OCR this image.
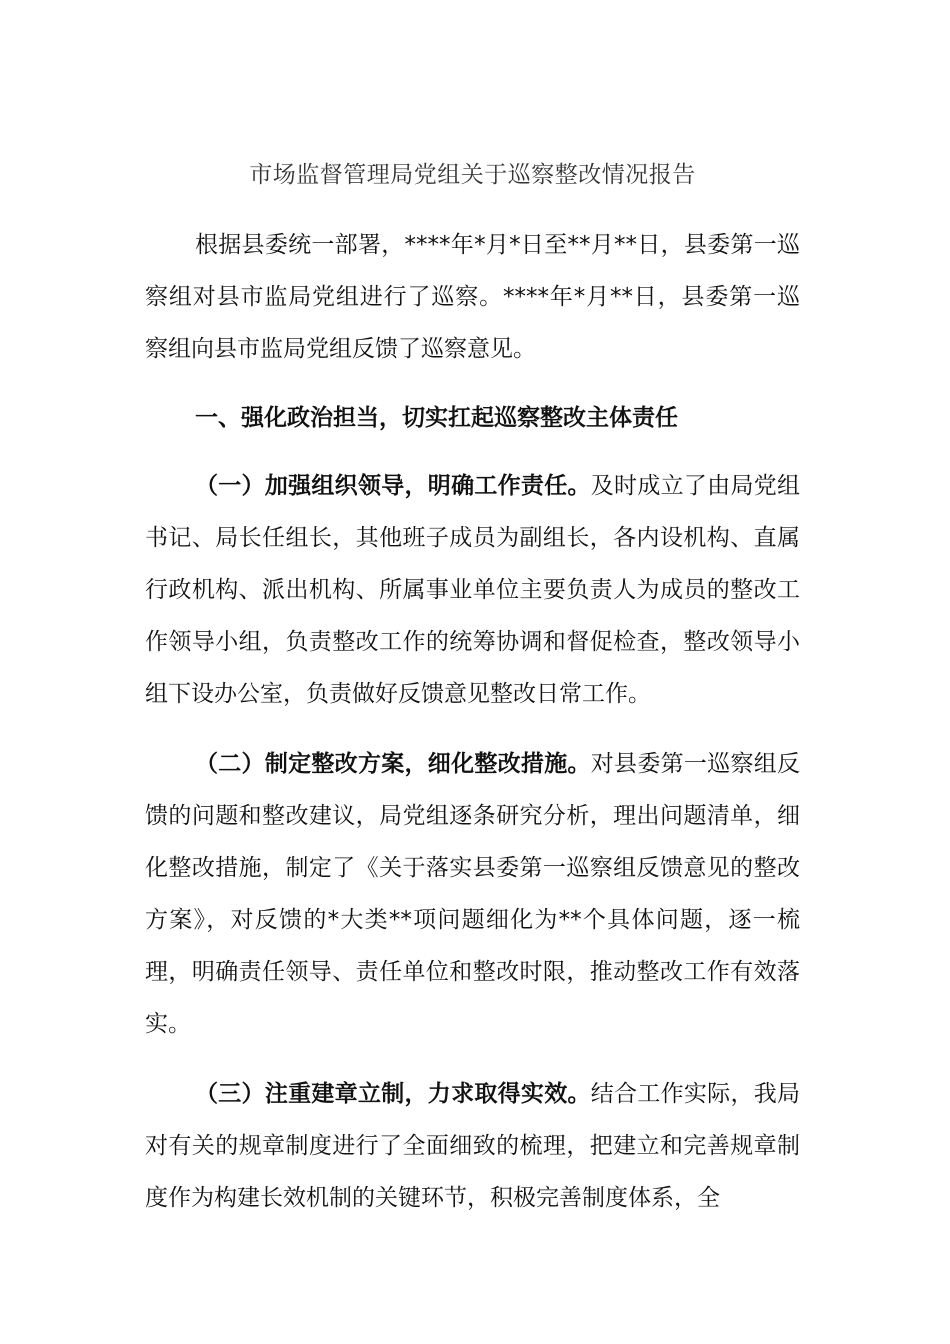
市场监督管理局党组关于巡察整改情况报告

根据县委统一部署，****年*月*日至**月**日，县委第一巡察组对县市监局党组进行了巡察。****年*月**日，县委第一巡察组向县市监局党组反馈了巡察意见。

一、强化政治担当，切实扛起巡察整改主体责任

（一）加强组织领导，明确工作责任。及时成立了由局党组书记、局长任组长，其他班子成员为副组长，各内设机构、直属行政机构、派出机构、所属事业单位主要负责人为成员的整改工作领导小组，负责整改工作的统筹协调和督促检查，整改领导小组下设办公室，负责做好反馈意见整改日常工作。

（二）制定整改方案，细化整改措施。对县委第一巡察组反馈的问题和整改建议，局党组逐条研究分析，理出问题清单，细化整改措施，制定了《关于落实县委第一巡察组反馈意见的整改方案》，对反馈的*大类**项问题细化为**个具体问题，逐一梳理，明确责任领导、责任单位和整改时限，推动整改工作有效落实。

（三）注重建章立制，力求取得实效。结合工作实际，我局对有关的规章制度进行了全面细致的梳理，把建立和完善规章制度作为构建长效机制的关键环节，积极完善制度体系，全
